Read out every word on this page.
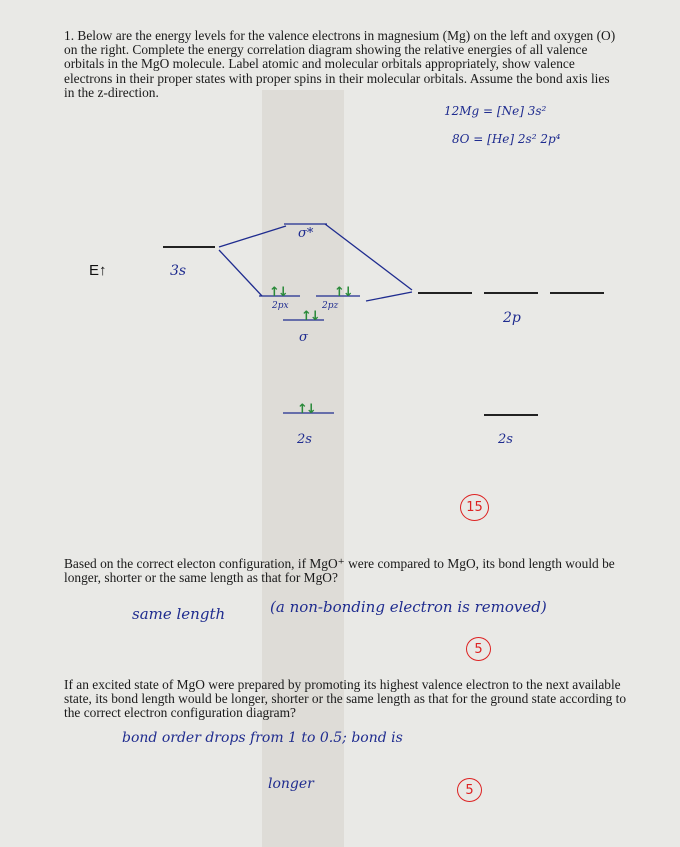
1. Below are the energy levels for the valence electrons in magnesium (Mg) on the left and oxygen (O) on the right. Complete the energy correlation diagram showing the relative energies of all valence orbitals in the MgO molecule. Label atomic and molecular orbitals appropriately, show valence electrons in their proper states with proper spins in their molecular orbitals. Assume the bond axis lies in the z-direction.
12Mg = [Ne] 3s²
8O = [He] 2s² 2p⁴
E↑	3s
σ*
↑↓	↑↓
↑↓
↑↓
2px	2pz
σ
2s
2p
2s
15
Based on the correct electon configuration, if MgO⁺ were compared to MgO, its bond length would be longer, shorter or the same length as that for MgO?
same length	(a non-bonding electron is removed)
5
If an excited state of MgO were prepared by promoting its highest valence electron to the next available state, its bond length would be longer, shorter or the same length as that for the ground state according to the correct electron configuration diagram?
bond order drops from 1 to 0.5; bond is
longer	5
